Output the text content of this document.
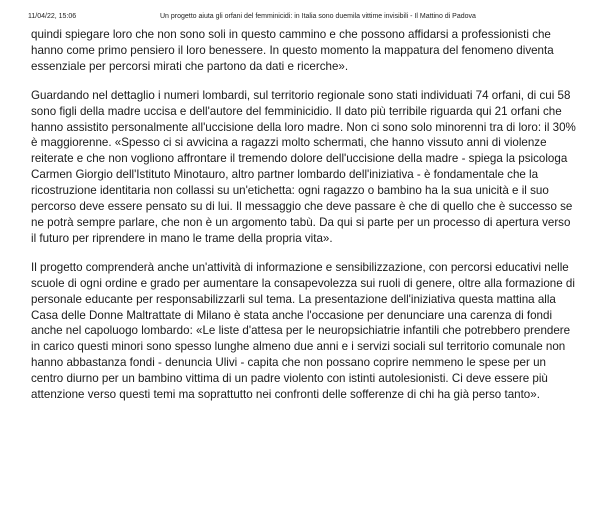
11/04/22, 15:06	Un progetto aiuta gli orfani del femminicidi: in Italia sono duemila vittime invisibili - Il Mattino di Padova

quindi spiegare loro che non sono soli in questo cammino e che possono affidarsi a professionisti che hanno come primo pensiero il loro benessere. In questo momento la mappatura del fenomeno diventa essenziale per percorsi mirati che partono da dati e ricerche».

Guardando nel dettaglio i numeri lombardi, sul territorio regionale sono stati individuati 74 orfani, di cui 58 sono figli della madre uccisa e dell'autore del femminicidio. Il dato più terribile riguarda qui 21 orfani che hanno assistito personalmente all'uccisione della loro madre. Non ci sono solo minorenni tra di loro: il 30% è maggiorenne. «Spesso ci si avvicina a ragazzi molto schermati, che hanno vissuto anni di violenze reiterate e che non vogliono affrontare il tremendo dolore dell'uccisione della madre - spiega la psicologa Carmen Giorgio dell'Istituto Minotauro, altro partner lombardo dell'iniziativa - è fondamentale che la ricostruzione identitaria non collassi su un'etichetta: ogni ragazzo o bambino ha la sua unicità e il suo percorso deve essere pensato su di lui. Il messaggio che deve passare è che di quello che è successo se ne potrà sempre parlare, che non è un argomento tabù. Da qui si parte per un processo di apertura verso il futuro per riprendere in mano le trame della propria vita».

Il progetto comprenderà anche un'attività di informazione e sensibilizzazione, con percorsi educativi nelle scuole di ogni ordine e grado per aumentare la consapevolezza sui ruoli di genere, oltre alla formazione di personale educante per responsabilizzarli sul tema. La presentazione dell'iniziativa questa mattina alla Casa delle Donne Maltrattate di Milano è stata anche l'occasione per denunciare una carenza di fondi anche nel capoluogo lombardo: «Le liste d'attesa per le neuropsichiatrie infantili che potrebbero prendere in carico questi minori sono spesso lunghe almeno due anni e i servizi sociali sul territorio comunale non hanno abbastanza fondi - denuncia Ulivi - capita che non possano coprire nemmeno le spese per un centro diurno per un bambino vittima di un padre violento con istinti autolesionisti. Ci deve essere più attenzione verso questi temi ma soprattutto nei confronti delle sofferenze di chi ha già perso tanto».
